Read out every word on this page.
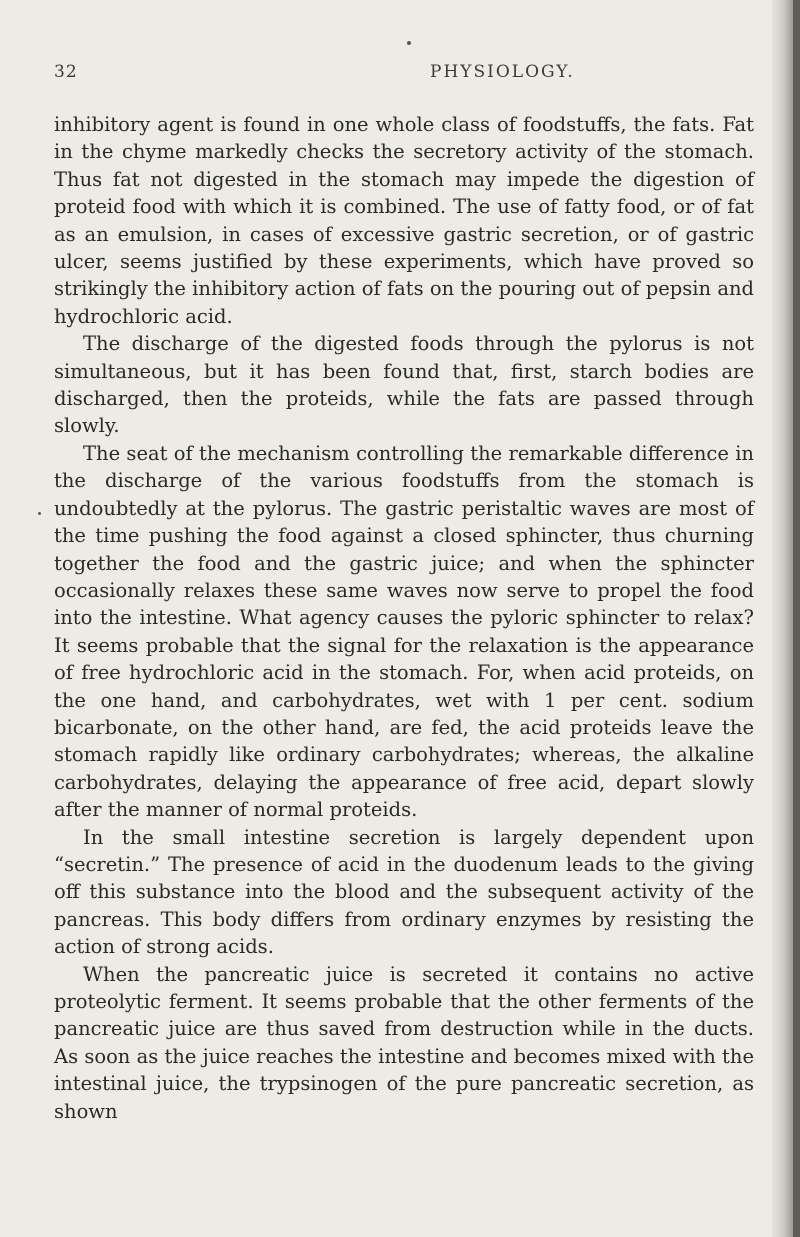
32	PHYSIOLOGY.

inhibitory agent is found in one whole class of foodstuffs, the fats. Fat in the chyme markedly checks the secretory activity of the stomach. Thus fat not digested in the stomach may impede the digestion of proteid food with which it is combined. The use of fatty food, or of fat as an emulsion, in cases of excessive gastric secretion, or of gastric ulcer, seems justified by these experiments, which have proved so strikingly the inhibitory action of fats on the pouring out of pepsin and hydrochloric acid.

The discharge of the digested foods through the pylorus is not simultaneous, but it has been found that, first, starch bodies are discharged, then the proteids, while the fats are passed through slowly.

The seat of the mechanism controlling the remarkable difference in the discharge of the various foodstuffs from the stomach is undoubtedly at the pylorus. The gastric peristaltic waves are most of the time pushing the food against a closed sphincter, thus churning together the food and the gastric juice; and when the sphincter occasionally relaxes these same waves now serve to propel the food into the intestine. What agency causes the pyloric sphincter to relax? It seems probable that the signal for the relaxation is the appearance of free hydrochloric acid in the stomach. For, when acid proteids, on the one hand, and carbohydrates, wet with 1 per cent. sodium bicarbonate, on the other hand, are fed, the acid proteids leave the stomach rapidly like ordinary carbohydrates; whereas, the alkaline carbohydrates, delaying the appearance of free acid, depart slowly after the manner of normal proteids.

In the small intestine secretion is largely dependent upon “secretin.” The presence of acid in the duodenum leads to the giving off this substance into the blood and the subsequent activity of the pancreas. This body differs from ordinary enzymes by resisting the action of strong acids.

When the pancreatic juice is secreted it contains no active proteolytic ferment. It seems probable that the other ferments of the pancreatic juice are thus saved from destruction while in the ducts. As soon as the juice reaches the intestine and becomes mixed with the intestinal juice, the trypsinogen of the pure pancreatic secretion, as shown
